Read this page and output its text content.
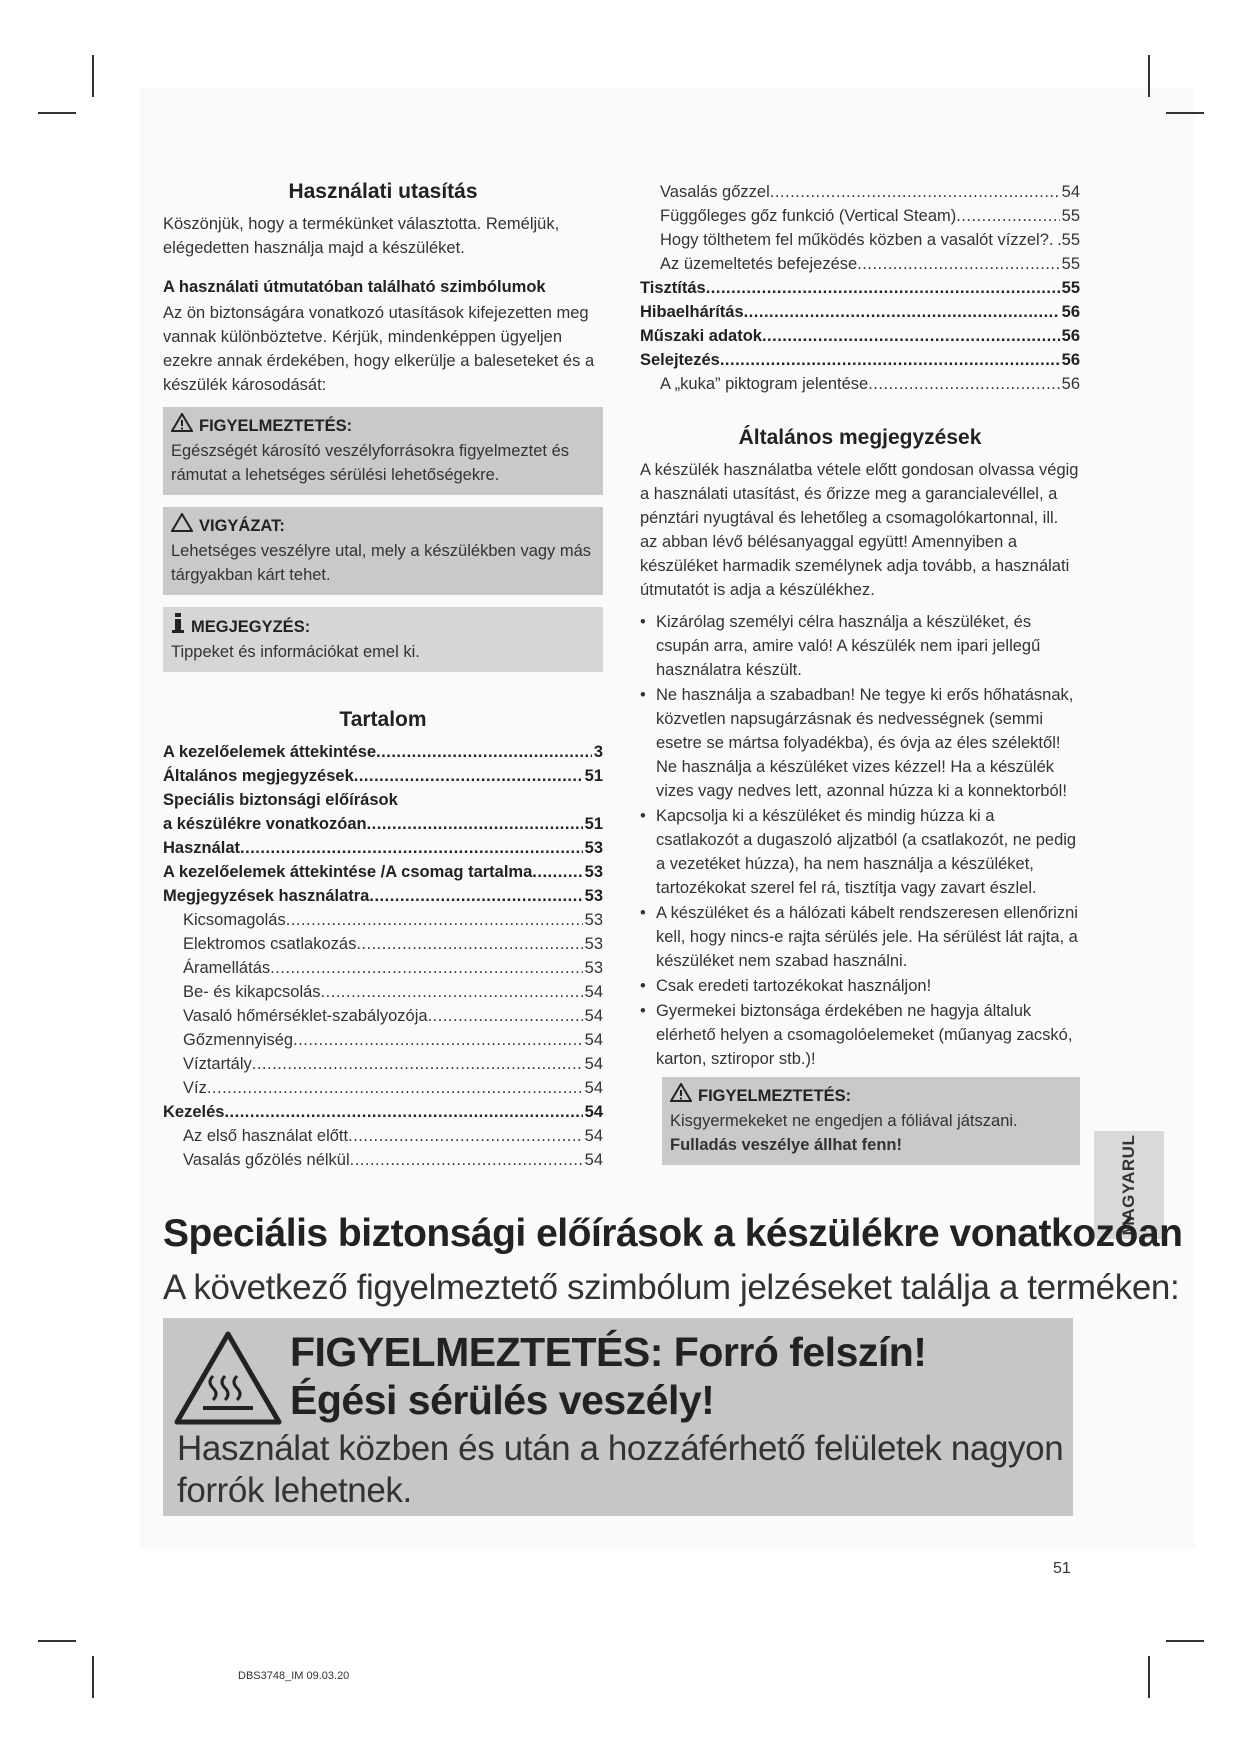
Használati utasítás

Köszönjük, hogy a termékünket választotta. Reméljük, elégedetten használja majd a készüléket.

A használati útmutatóban található szimbólumok

Az ön biztonságára vonatkozó utasítások kifejezetten meg vannak különböztetve. Kérjük, mindenképpen ügyeljen ezekre annak érdekében, hogy elkerülje a baleseteket és a készülék károsodását:

FIGYELMEZTETÉS:
Egészségét károsító veszélyforrásokra figyelmeztet és rámutat a lehetséges sérülési lehetőségekre.
VIGYÁZAT:
Lehetséges veszélyre utal, mely a készülékben vagy más tárgyakban kárt tehet.
MEGJEGYZÉS:
Tippeket és információkat emel ki.
Tartalom
A kezelőelemek áttekintése .....	3
Általános megjegyzések .....	51
Speciális biztonsági előírások
a készülékre vonatkozóan .....	51
Használat .....	53
A kezelőelemek áttekintése /A csomag tartalma .....	53
Megjegyzések használatra .....	53
Kicsomagolás .....	53
Elektromos csatlakozás .....	53
Áramellátás .....	53
Be- és kikapcsolás .....	54
Vasaló hőmérséklet-szabályozója .....	54
Gőzmennyiség .....	54
Víztartály .....	54
Víz .....	54
Kezelés .....	54
Az első használat előtt .....	54
Vasalás gőzölés nélkül .....	54
Vasalás gőzzel .....	54
Függőleges gőz funkció (Vertical Steam) .....	55
Hogy tölthetem fel működés közben a vasalót vízzel? ..... .55
Az üzemeltetés befejezése .....	55
Tisztítás .....	55
Hibaelhárítás .....	56
Műszaki adatok .....	56
Selejtezés .....	56
A „kuka” piktogram jelentése .....	56
Általános megjegyzések

A készülék használatba vétele előtt gondosan olvassa végig a használati utasítást, és őrizze meg a garancialevéllel, a pénztári nyugtával és lehetőleg a csomagolókartonnal, ill. az abban lévő bélésanyaggal együtt! Amennyiben a készüléket harmadik személynek adja tovább, a használati útmutatót is adja a készülékhez.

• Kizárólag személyi célra használja a készüléket, és csupán arra, amire való! A készülék nem ipari jellegű használatra készült.
• Ne használja a szabadban! Ne tegye ki erős hőhatásnak, közvetlen napsugárzásnak és nedvességnek (semmi esetre se mártsa folyadékba), és óvja az éles szélektől! Ne használja a készüléket vizes kézzel! Ha a készülék vizes vagy nedves lett, azonnal húzza ki a konnektorból!
• Kapcsolja ki a készüléket és mindig húzza ki a csatlakozót a dugaszoló aljzatból (a csatlakozót, ne pedig a vezetéket húzza), ha nem használja a készüléket, tartozékokat szerel fel rá, tisztítja vagy zavart észlel.
• A készüléket és a hálózati kábelt rendszeresen ellenőrizni kell, hogy nincs-e rajta sérülés jele. Ha sérülést lát rajta, a készüléket nem szabad használni.
• Csak eredeti tartozékokat használjon!
• Gyermekei biztonsága érdekében ne hagyja általuk elérhető helyen a csomagolóelemeket (műanyag zacskó, karton, sztiropor stb.)!
FIGYELMEZTETÉS:
Kisgyermekeket ne engedjen a fóliával játszani. Fulladás veszélye állhat fenn!	MAGYARUL
Speciális biztonsági előírások a készülékre vonatkozóan
A következő figyelmeztető szimbólum jelzéseket találja a terméken:
FIGYELMEZTETÉS: Forró felszín!
Égési sérülés veszély!
Használat közben és után a hozzáférhető felületek nagyon forrók lehetnek.
51
DBS3748_IM 09.03.20
